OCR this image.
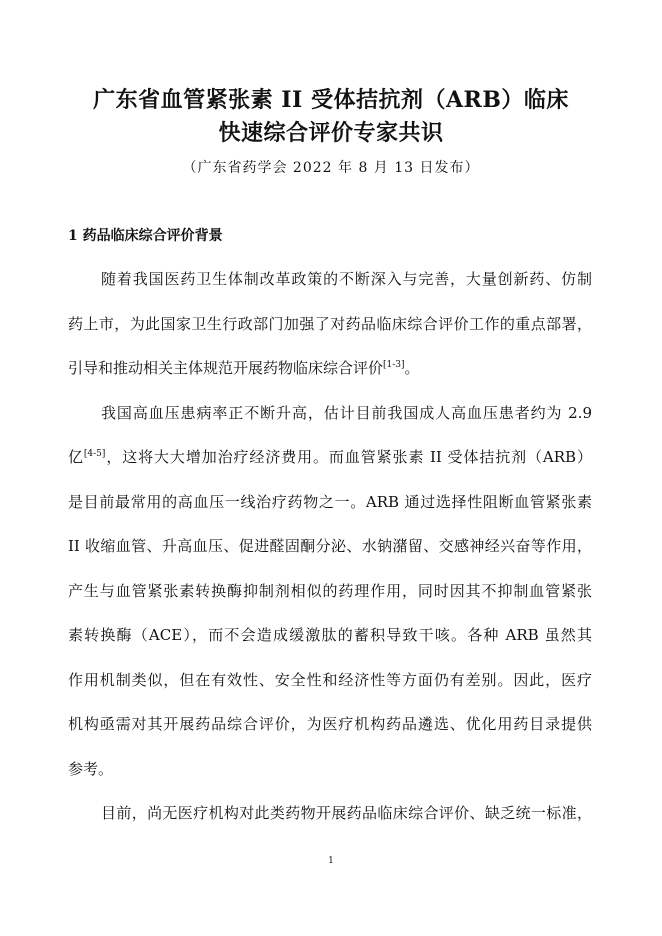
广东省血管紧张素 II 受体拮抗剂（ARB）临床
快速综合评价专家共识
（广东省药学会 2022 年 8 月 13 日发布）
1 药品临床综合评价背景
随着我国医药卫生体制改革政策的不断深入与完善，大量创新药、仿制
药上市，为此国家卫生行政部门加强了对药品临床综合评价工作的重点部署，
引导和推动相关主体规范开展药物临床综合评价[1-3]。
我国高血压患病率正不断升高，估计目前我国成人高血压患者约为 2.9
亿[4-5]，这将大大增加治疗经济费用。而血管紧张素 II 受体拮抗剂（ARB）
是目前最常用的高血压一线治疗药物之一。ARB 通过选择性阻断血管紧张素
II 收缩血管、升高血压、促进醛固酮分泌、水钠潴留、交感神经兴奋等作用，
产生与血管紧张素转换酶抑制剂相似的药理作用，同时因其不抑制血管紧张
素转换酶（ACE），而不会造成缓激肽的蓄积导致干咳。各种 ARB 虽然其
作用机制类似，但在有效性、安全性和经济性等方面仍有差别。因此，医疗
机构亟需对其开展药品综合评价，为医疗机构药品遴选、优化用药目录提供
参考。
目前，尚无医疗机构对此类药物开展药品临床综合评价、缺乏统一标准，
1
